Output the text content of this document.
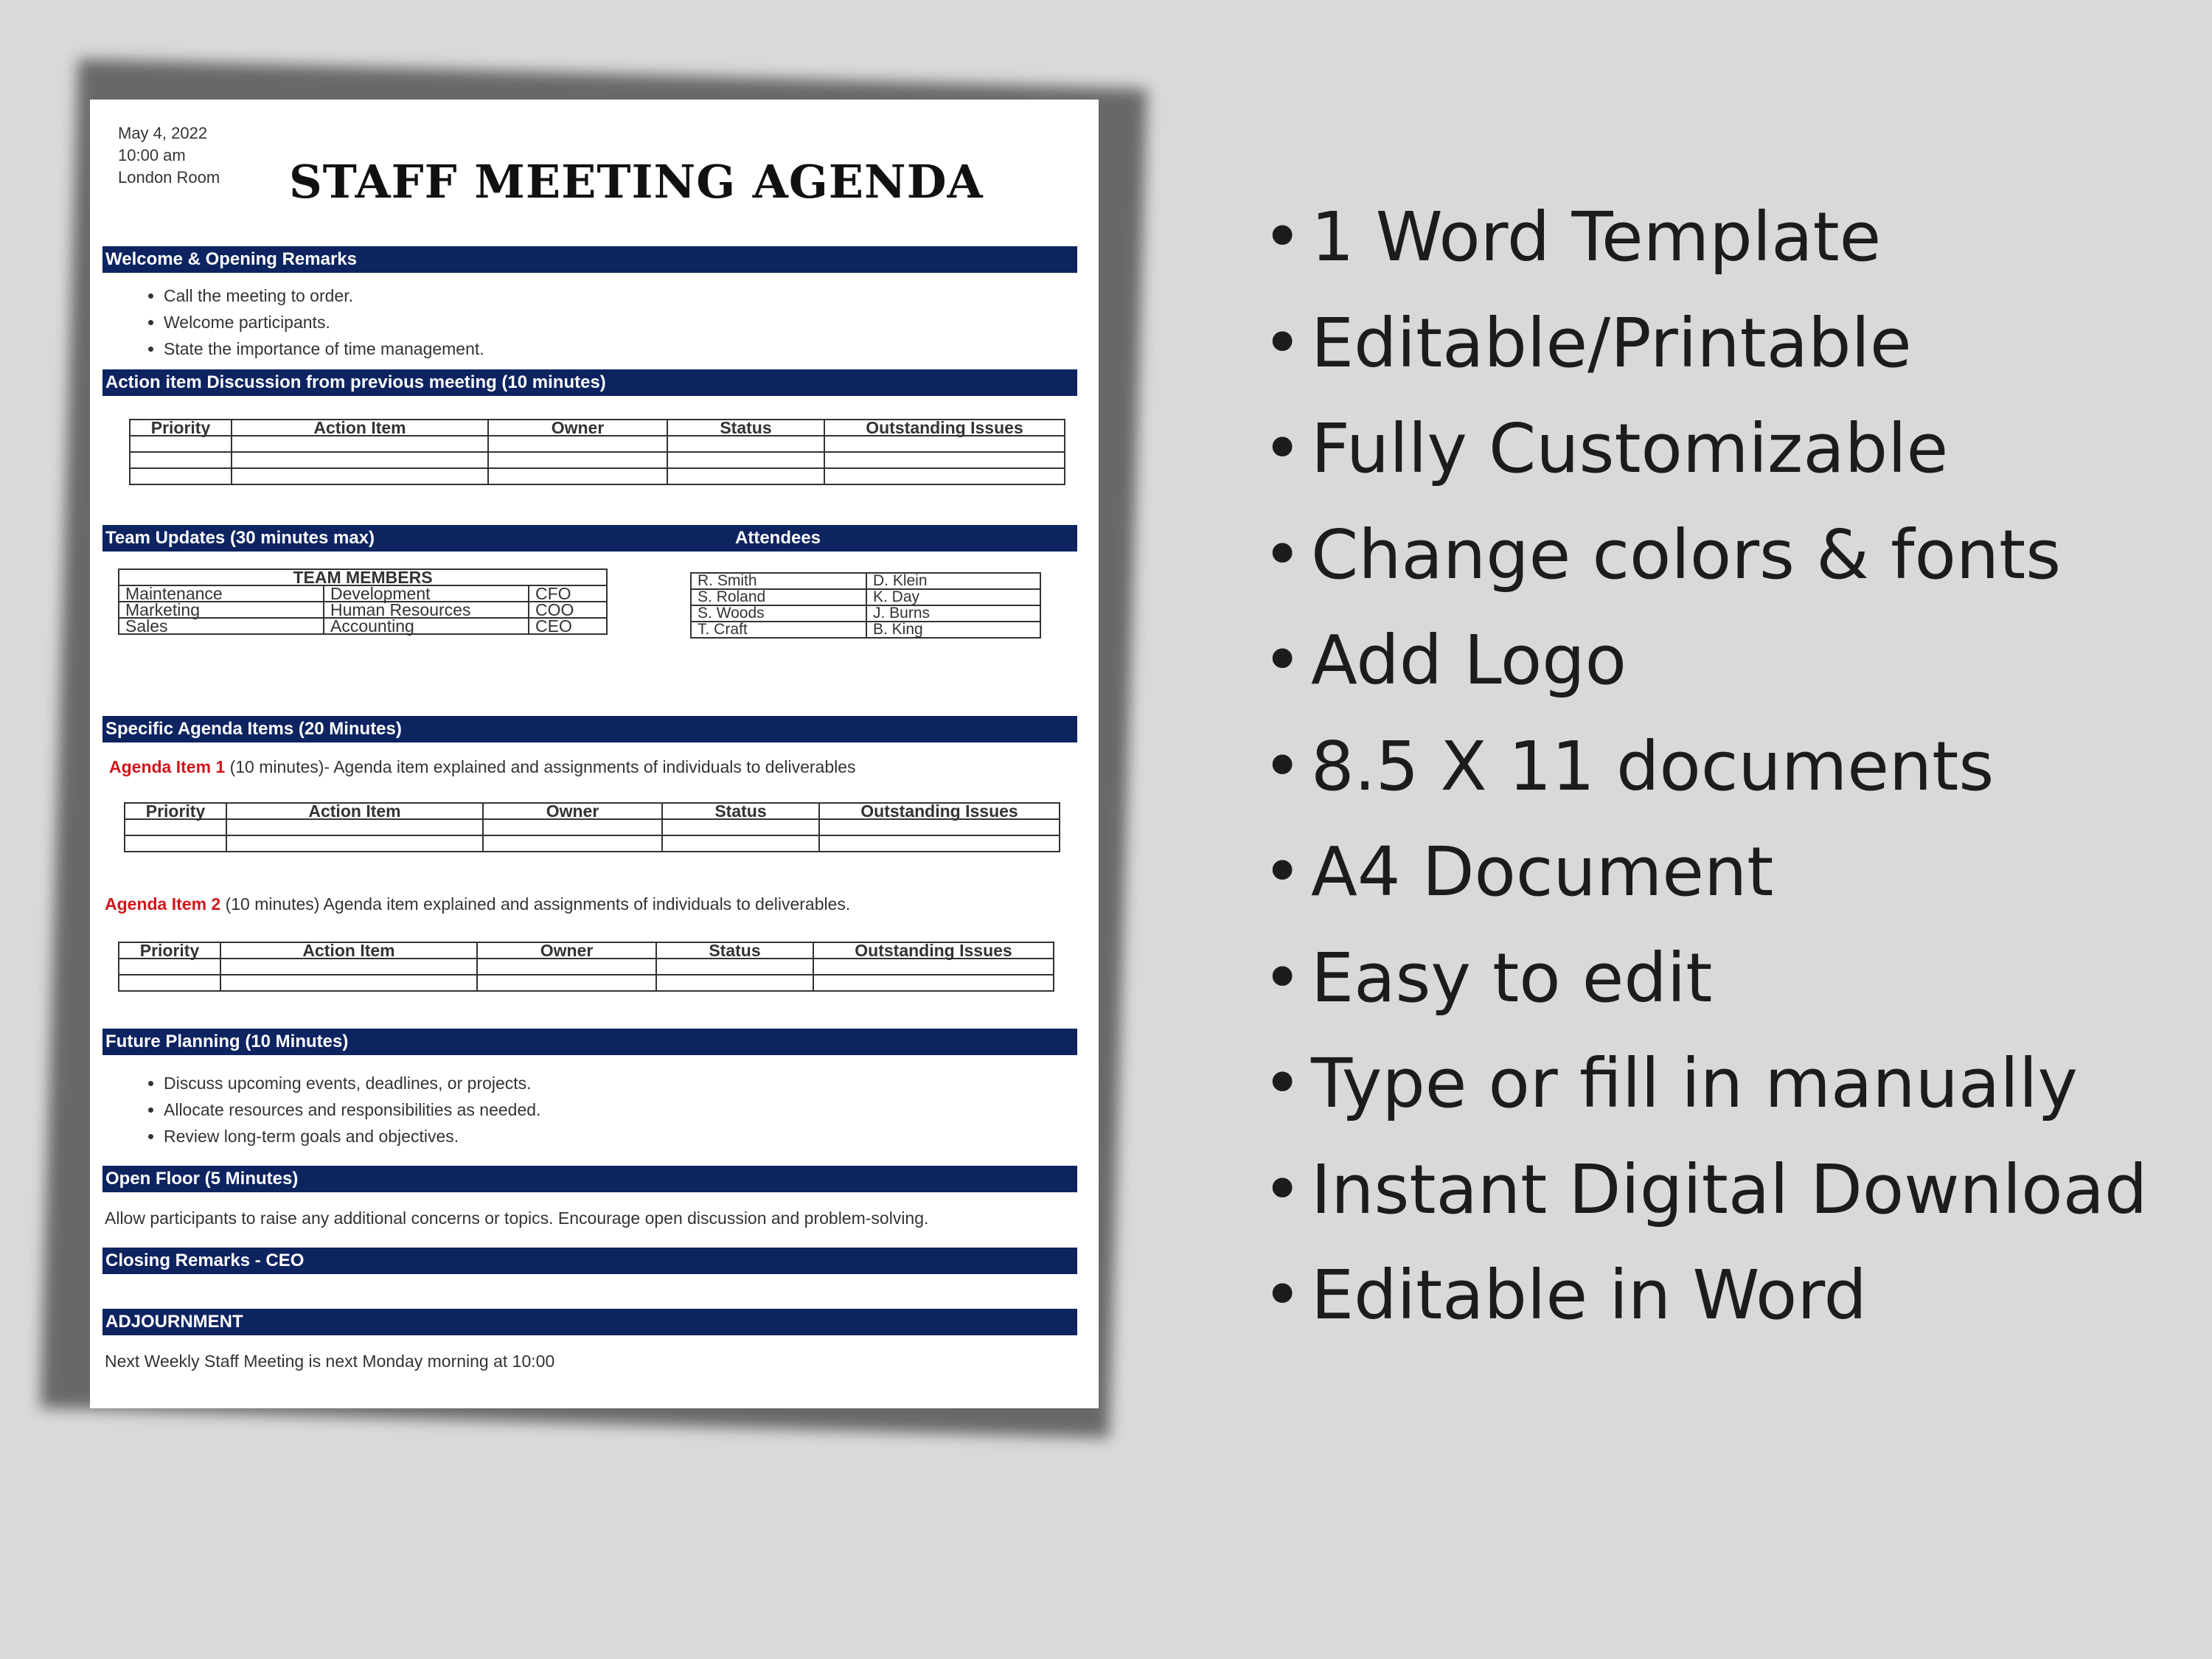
May 4, 2022
10:00 am
London Room STAFF MEETING AGENDA
Welcome & Opening Remarks
• Call the meeting to order.
• Welcome participants.
• State the importance of time management.
Action item Discussion from previous meeting (10 minutes)
Priority	Action Item	Owner	Status	Outstanding Issues

Team Updates (30 minutes max)	Attendees
TEAM MEMBERS		
Maintenance	Development	CFO
Marketing	Human Resources	COO
Sales	Accounting	CEO
R. Smith	D. Klein
S. Roland	K. Day
S. Woods	J. Burns
T. Craft	B. King
Specific Agenda Items (20 Minutes)
Agenda Item 1 (10 minutes)- Agenda item explained and assignments of individuals to deliverables
Priority	Action Item	Owner	Status	Outstanding Issues

Agenda Item 2 (10 minutes) Agenda item explained and assignments of individuals to deliverables.
Priority	Action Item	Owner	Status	Outstanding Issues

Future Planning (10 Minutes)
• Discuss upcoming events, deadlines, or projects.
• Allocate resources and responsibilities as needed.
• Review long-term goals and objectives.
Open Floor (5 Minutes)
Allow participants to raise any additional concerns or topics. Encourage open discussion and problem-solving.
Closing Remarks - CEO
ADJOURNMENT
Next Weekly Staff Meeting is next Monday morning at 10:00
• 1 Word Template
• Editable/Printable
• Fully Customizable
• Change colors & fonts
• Add Logo
• 8.5 X 11 documents
• A4 Document
• Easy to edit
• Type or fill in manually
• Instant Digital Download
• Editable in Word
